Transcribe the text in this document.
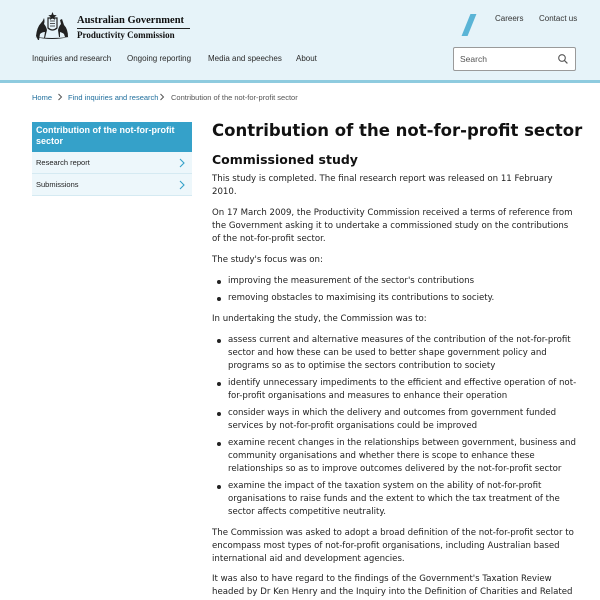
Australian Government
Productivity Commission
Careers Contact us
Inquiries and research Ongoing reporting Media and speeches About
Search
Home Find inquiries and research Contribution of the not-for-profit sector
Contribution of the not-for-profit sector
Research report
Submissions
Contribution of the not-for-profit sector
Commissioned study

This study is completed. The final research report was released on 11 February 2010.

On 17 March 2009, the Productivity Commission received a terms of reference from the Government asking it to undertake a commissioned study on the contributions of the not-for-profit sector.

The study's focus was on:

improving the measurement of the sector's contributions
removing obstacles to maximising its contributions to society.

In undertaking the study, the Commission was to:

assess current and alternative measures of the contribution of the not-for-profit sector and how these can be used to better shape government policy and programs so as to optimise the sectors contribution to society
identify unnecessary impediments to the efficient and effective operation of not-for-profit organisations and measures to enhance their operation
consider ways in which the delivery and outcomes from government funded services by not-for-profit organisations could be improved
examine recent changes in the relationships between government, business and community organisations and whether there is scope to enhance these relationships so as to improve outcomes delivered by the not-for-profit sector
examine the impact of the taxation system on the ability of not-for-profit organisations to raise funds and the extent to which the tax treatment of the sector affects competitive neutrality.

The Commission was asked to adopt a broad definition of the not-for-profit sector to encompass most types of not-for-profit organisations, including Australian based international aid and development agencies.

It was also to have regard to the findings of the Government's Taxation Review headed by Dr Ken Henry and the Inquiry into the Definition of Charities and Related
